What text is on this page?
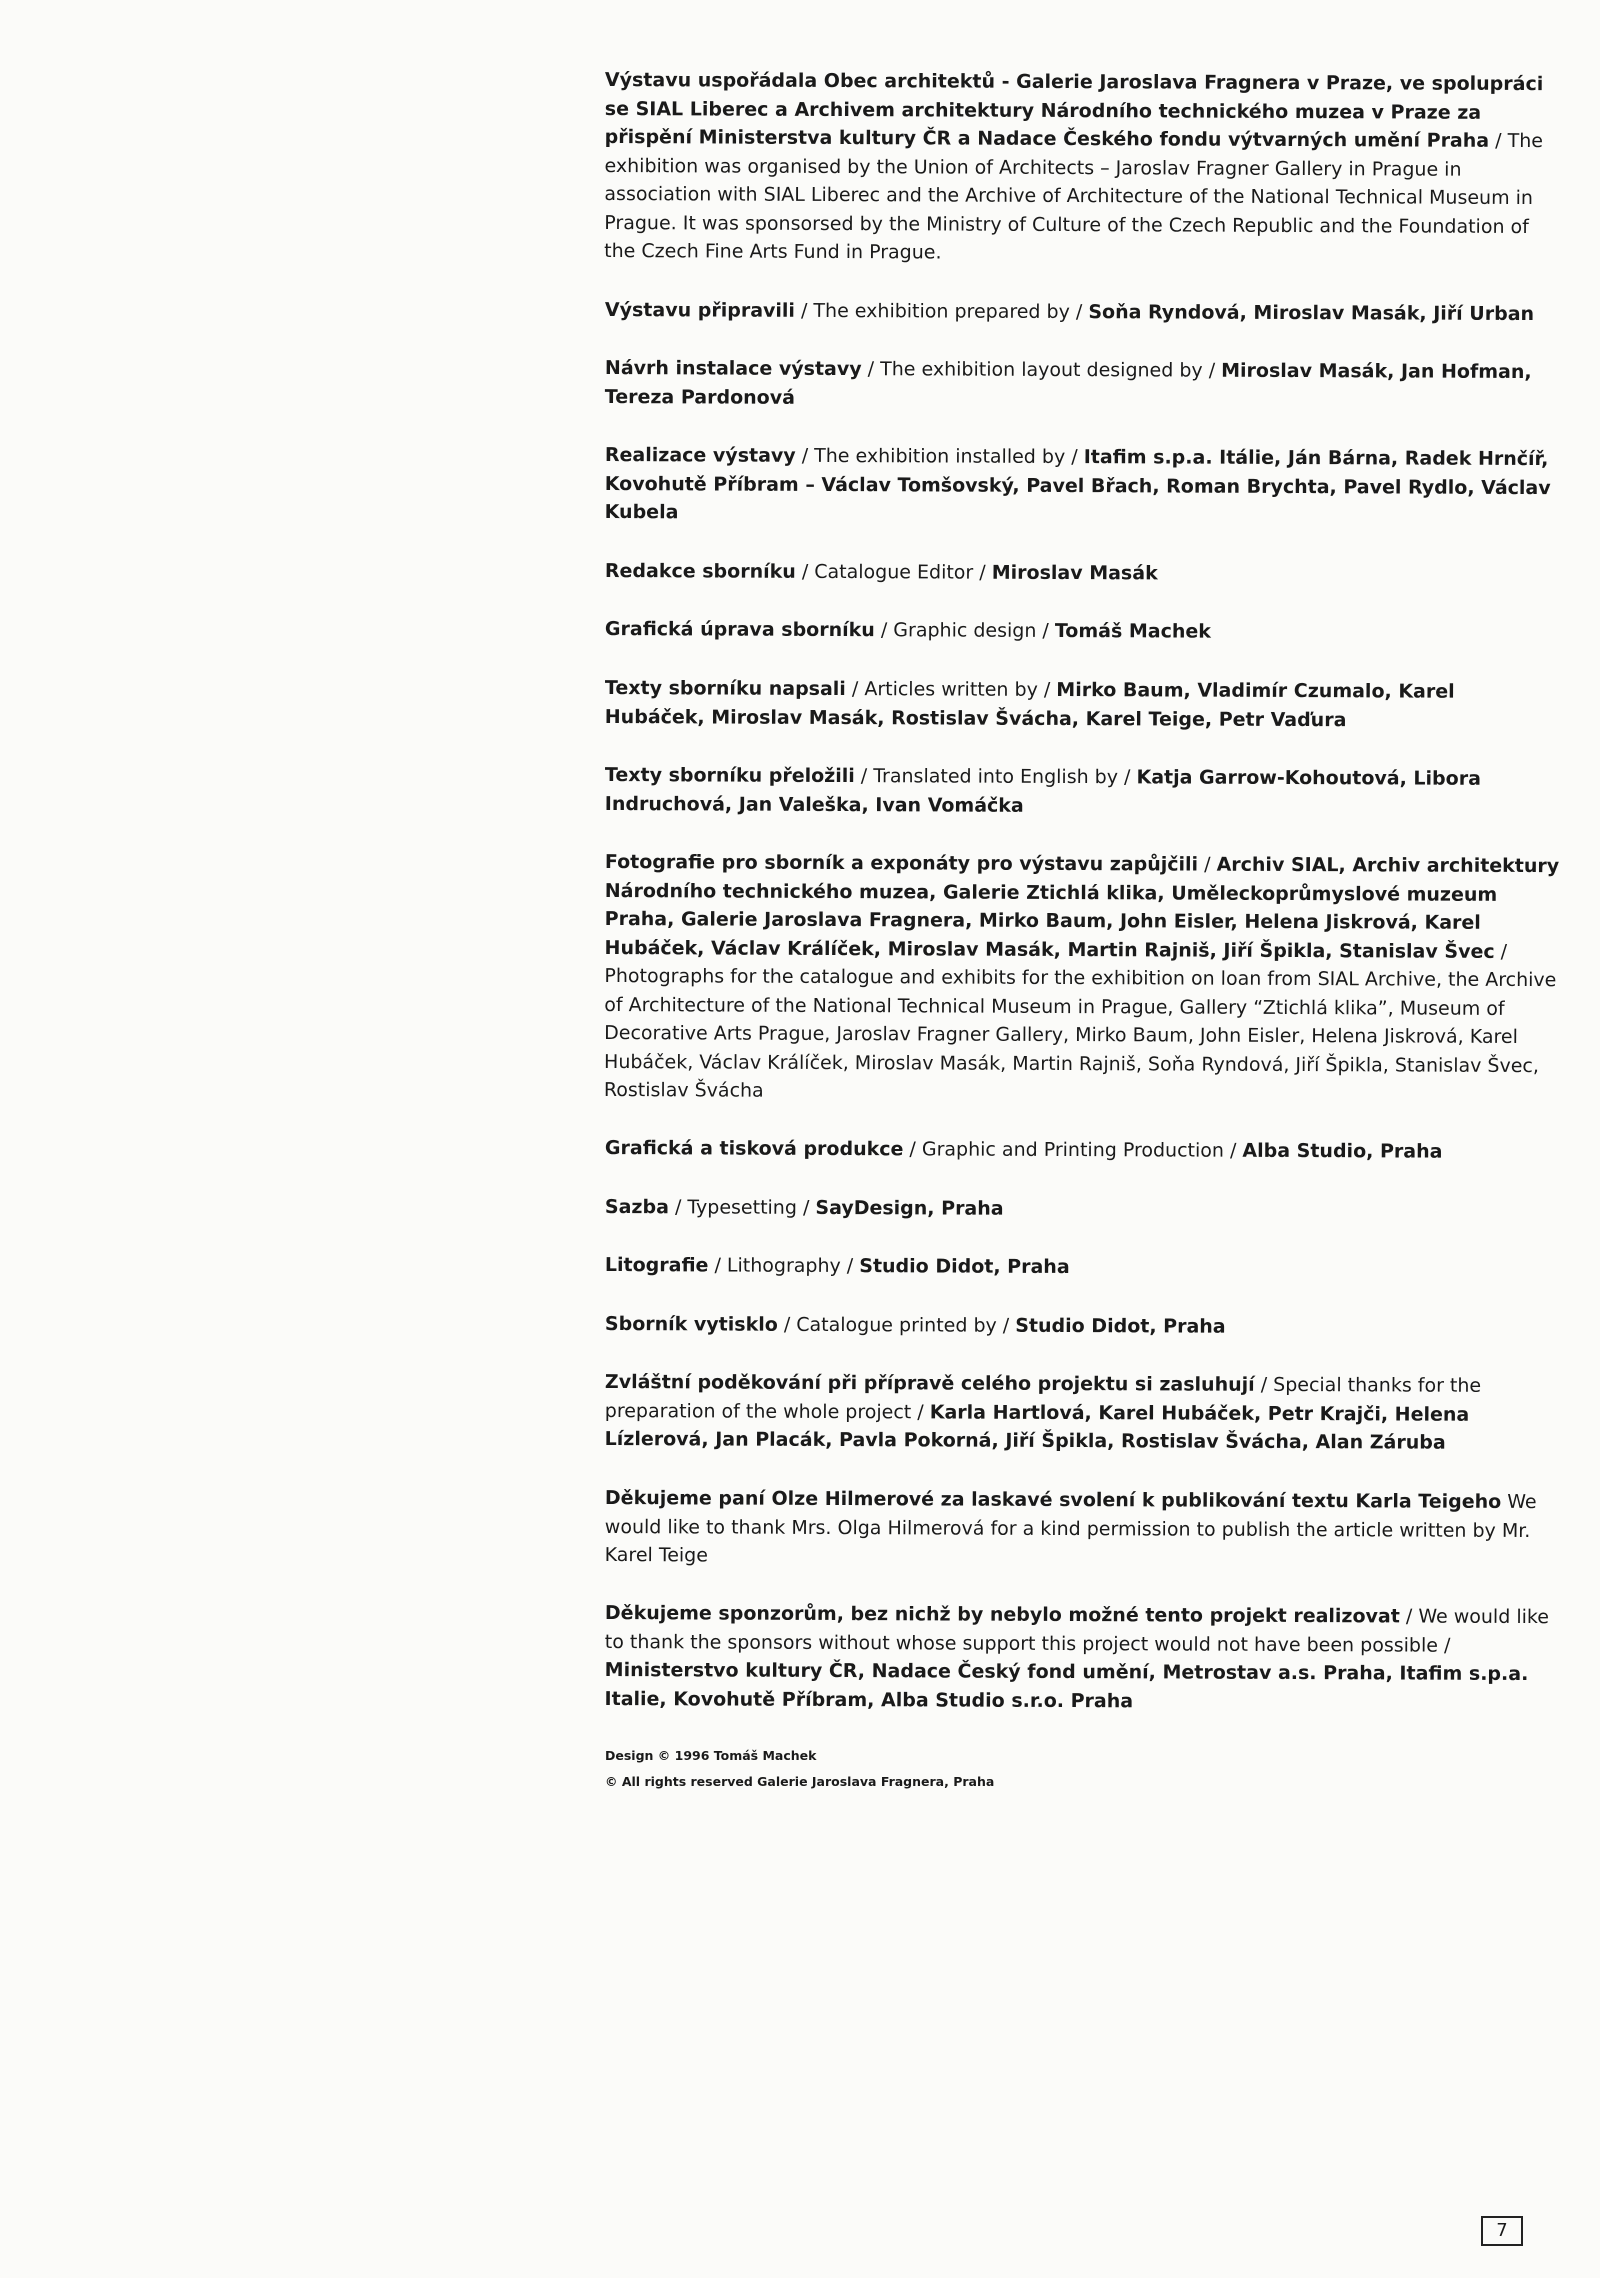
Výstavu uspořádala Obec architektů - Galerie Jaroslava Fragnera v Praze, ve spolupráci se SIAL Liberec a Archivem architektury Národního technického muzea v Praze za přispění Ministerstva kultury ČR a Nadace Českého fondu výtvarných umění Praha / The exhibition was organised by the Union of Architects – Jaroslav Fragner Gallery in Prague in association with SIAL Liberec and the Archive of Architecture of the National Technical Museum in Prague. It was sponsorsed by the Ministry of Culture of the Czech Republic and the Foundation of the Czech Fine Arts Fund in Prague.

Výstavu připravili / The exhibition prepared by / Soňa Ryndová, Miroslav Masák, Jiří Urban

Návrh instalace výstavy / The exhibition layout designed by / Miroslav Masák, Jan Hofman, Tereza Pardonová

Realizace výstavy / The exhibition installed by / Itafim s.p.a. Itálie, Ján Bárna, Radek Hrnčíř, Kovohutě Příbram – Václav Tomšovský, Pavel Břach, Roman Brychta, Pavel Rydlo, Václav Kubela

Redakce sborníku / Catalogue Editor / Miroslav Masák

Grafická úprava sborníku / Graphic design / Tomáš Machek

Texty sborníku napsali / Articles written by / Mirko Baum, Vladimír Czumalo, Karel Hubáček, Miroslav Masák, Rostislav Švácha, Karel Teige, Petr Vaďura

Texty sborníku přeložili / Translated into English by / Katja Garrow-Kohoutová, Libora Indruchová, Jan Valeška, Ivan Vomáčka

Fotografie pro sborník a exponáty pro výstavu zapůjčili / Archiv SIAL, Archiv architektury Národního technického muzea, Galerie Ztichlá klika, Uměleckoprůmyslové muzeum Praha, Galerie Jaroslava Fragnera, Mirko Baum, John Eisler, Helena Jiskrová, Karel Hubáček, Václav Králíček, Miroslav Masák, Martin Rajniš, Jiří Špikla, Stanislav Švec / Photographs for the catalogue and exhibits for the exhibition on loan from SIAL Archive, the Archive of Architecture of the National Technical Museum in Prague, Gallery “Ztichlá klika”, Museum of Decorative Arts Prague, Jaroslav Fragner Gallery, Mirko Baum, John Eisler, Helena Jiskrová, Karel Hubáček, Václav Králíček, Miroslav Masák, Martin Rajniš, Soňa Ryndová, Jiří Špikla, Stanislav Švec, Rostislav Švácha

Grafická a tisková produkce / Graphic and Printing Production / Alba Studio, Praha

Sazba / Typesetting / SayDesign, Praha

Litografie / Lithography / Studio Didot, Praha

Sborník vytisklo / Catalogue printed by / Studio Didot, Praha

Zvláštní poděkování při přípravě celého projektu si zasluhují / Special thanks for the preparation of the whole project / Karla Hartlová, Karel Hubáček, Petr Krajči, Helena Lízlerová, Jan Placák, Pavla Pokorná, Jiří Špikla, Rostislav Švácha, Alan Záruba

Děkujeme paní Olze Hilmerové za laskavé svolení k publikování textu Karla Teigeho We would like to thank Mrs. Olga Hilmerová for a kind permission to publish the article written by Mr. Karel Teige

Děkujeme sponzorům, bez nichž by nebylo možné tento projekt realizovat / We would like to thank the sponsors without whose support this project would not have been possible / Ministerstvo kultury ČR, Nadace Český fond umění, Metrostav a.s. Praha, Itafim s.p.a. Italie, Kovohutě Příbram, Alba Studio s.r.o. Praha

Design © 1996 Tomáš Machek

© All rights reserved Galerie Jaroslava Fragnera, Praha

7
